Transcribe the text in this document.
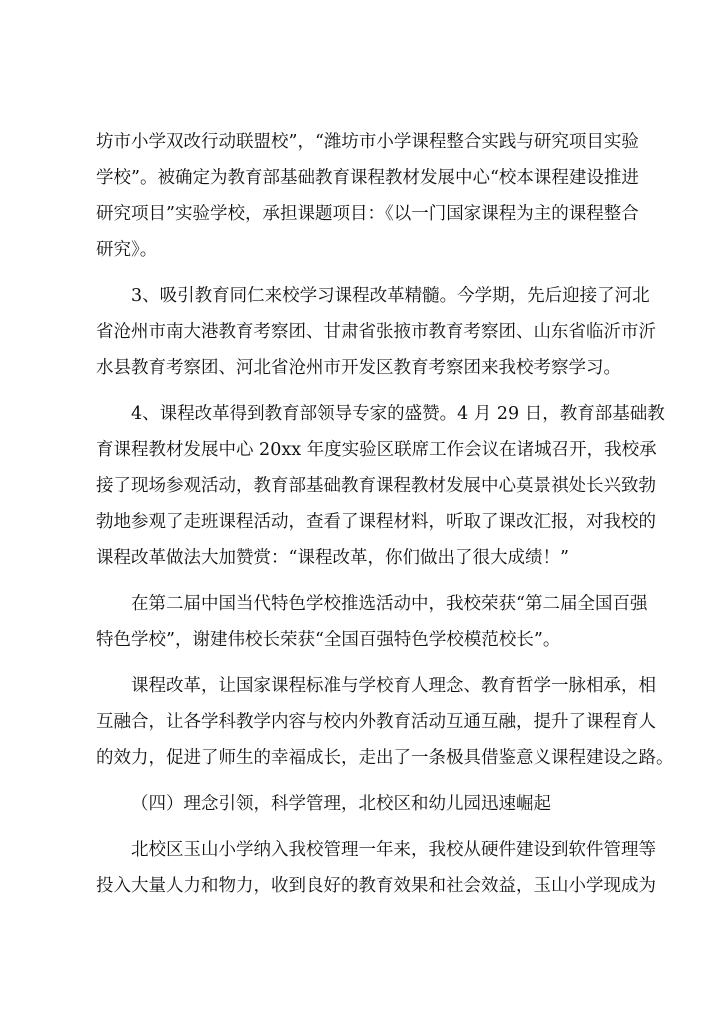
坊市小学双改行动联盟校”，“潍坊市小学课程整合实践与研究项目实验
学校”。被确定为教育部基础教育课程教材发展中心“校本课程建设推进
研究项目”实验学校，承担课题项目：《以一门国家课程为主的课程整合
研究》。
3、吸引教育同仁来校学习课程改革精髓。今学期，先后迎接了河北
省沧州市南大港教育考察团、甘肃省张掖市教育考察团、山东省临沂市沂
水县教育考察团、河北省沧州市开发区教育考察团来我校考察学习。
4、课程改革得到教育部领导专家的盛赞。4 月 29 日，教育部基础教
育课程教材发展中心 20xx 年度实验区联席工作会议在诸城召开，我校承
接了现场参观活动，教育部基础教育课程教材发展中心莫景祺处长兴致勃
勃地参观了走班课程活动，查看了课程材料，听取了课改汇报，对我校的
课程改革做法大加赞赏：“课程改革，你们做出了很大成绩！”
在第二届中国当代特色学校推选活动中，我校荣获“第二届全国百强
特色学校”，谢建伟校长荣获“全国百强特色学校模范校长”。
课程改革，让国家课程标准与学校育人理念、教育哲学一脉相承，相
互融合，让各学科教学内容与校内外教育活动互通互融，提升了课程育人
的效力，促进了师生的幸福成长，走出了一条极具借鉴意义课程建设之路。
（四）理念引领，科学管理，北校区和幼儿园迅速崛起
北校区玉山小学纳入我校管理一年来，我校从硬件建设到软件管理等
投入大量人力和物力，收到良好的教育效果和社会效益，玉山小学现成为
